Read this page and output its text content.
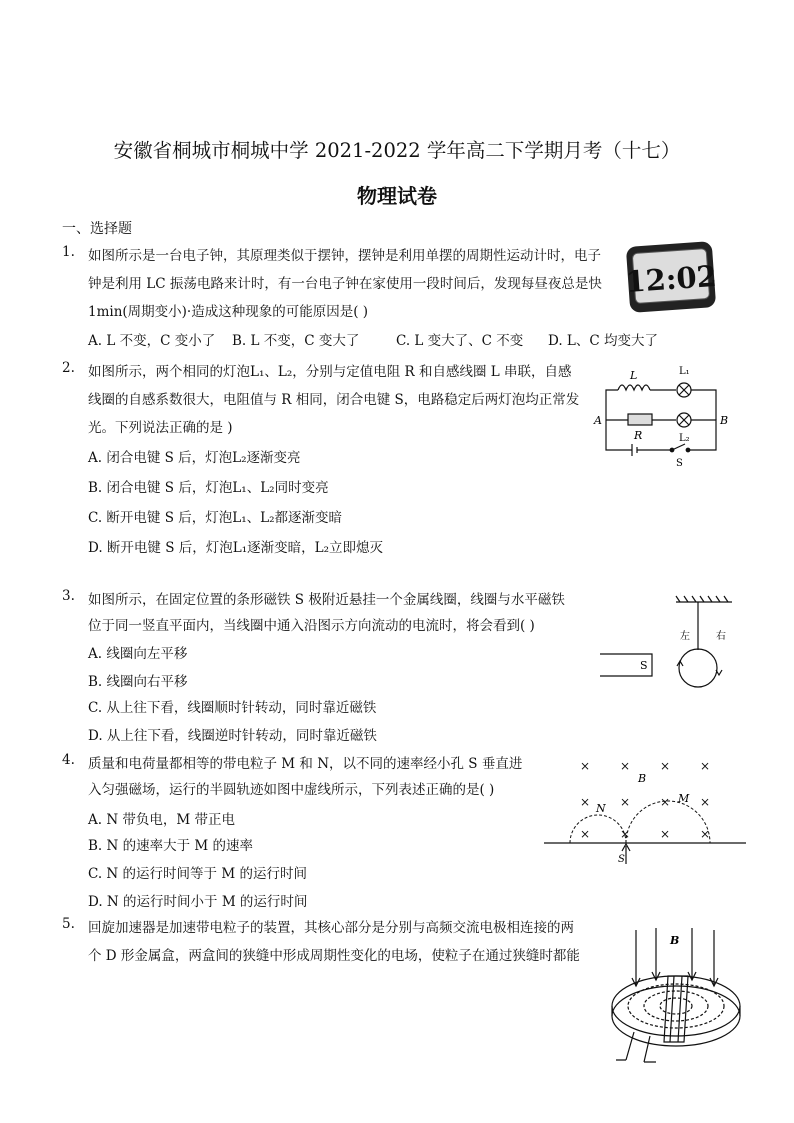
安徽省桐城市桐城中学 2021-2022 学年高二下学期月考（十七）
物理试卷
一、选择题
1. 如图所示是一台电子钟，其原理类似于摆钟，摆钟是利用单摆的周期性运动计时，电子
钟是利用 LC 振荡电路来计时，有一台电子钟在家使用一段时间后，发现每昼夜总是快
1min(周期变小)·造成这种现象的可能原因是( )
A. L 不变，C 变小了 B. L 不变，C 变大了	C. L 变大了、C 不变 D. L、C 均变大了
12:02
2. 如图所示，两个相同的灯泡L₁、L₂，分别与定值电阻 R 和自感线圈 L 串联，自感
线圈的自感系数很大，电阻值与 R 相同，闭合电键 S，电路稳定后两灯泡均正常发
光。下列说法正确的是 )
A. 闭合电键 S 后，灯泡L₂逐渐变亮
B. 闭合电键 S 后，灯泡L₁、L₂同时变亮
C. 断开电键 S 后，灯泡L₁、L₂都逐渐变暗
D. 断开电键 S 后，灯泡L₁逐渐变暗，L₂立即熄灭
L	L₁
R	L₂
A	B
S
3. 如图所示，在固定位置的条形磁铁 S 极附近悬挂一个金属线圈，线圈与水平磁铁
位于同一竖直平面内，当线圈中通入沿图示方向流动的电流时，将会看到( )
A. 线圈向左平移
B. 线圈向右平移
C. 从上往下看，线圈顺时针转动，同时靠近磁铁
D. 从上往下看，线圈逆时针转动，同时靠近磁铁
S
左	右
4. 质量和电荷量都相等的带电粒子 M 和 N，以不同的速率经小孔 S 垂直进
入匀强磁场，运行的半圆轨迹如图中虚线所示，下列表述正确的是( )
A. N 带负电，M 带正电
B. N 的速率大于 M 的速率
C. N 的运行时间等于 M 的运行时间
D. N 的运行时间小于 M 的运行时间
× × × ×
× × × ×
× × × ×
B
N
M
S
5. 回旋加速器是加速带电粒子的装置，其核心部分是分别与高频交流电极相连接的两
个 D 形金属盒，两盒间的狭缝中形成周期性变化的电场，使粒子在通过狭缝时都能
B
